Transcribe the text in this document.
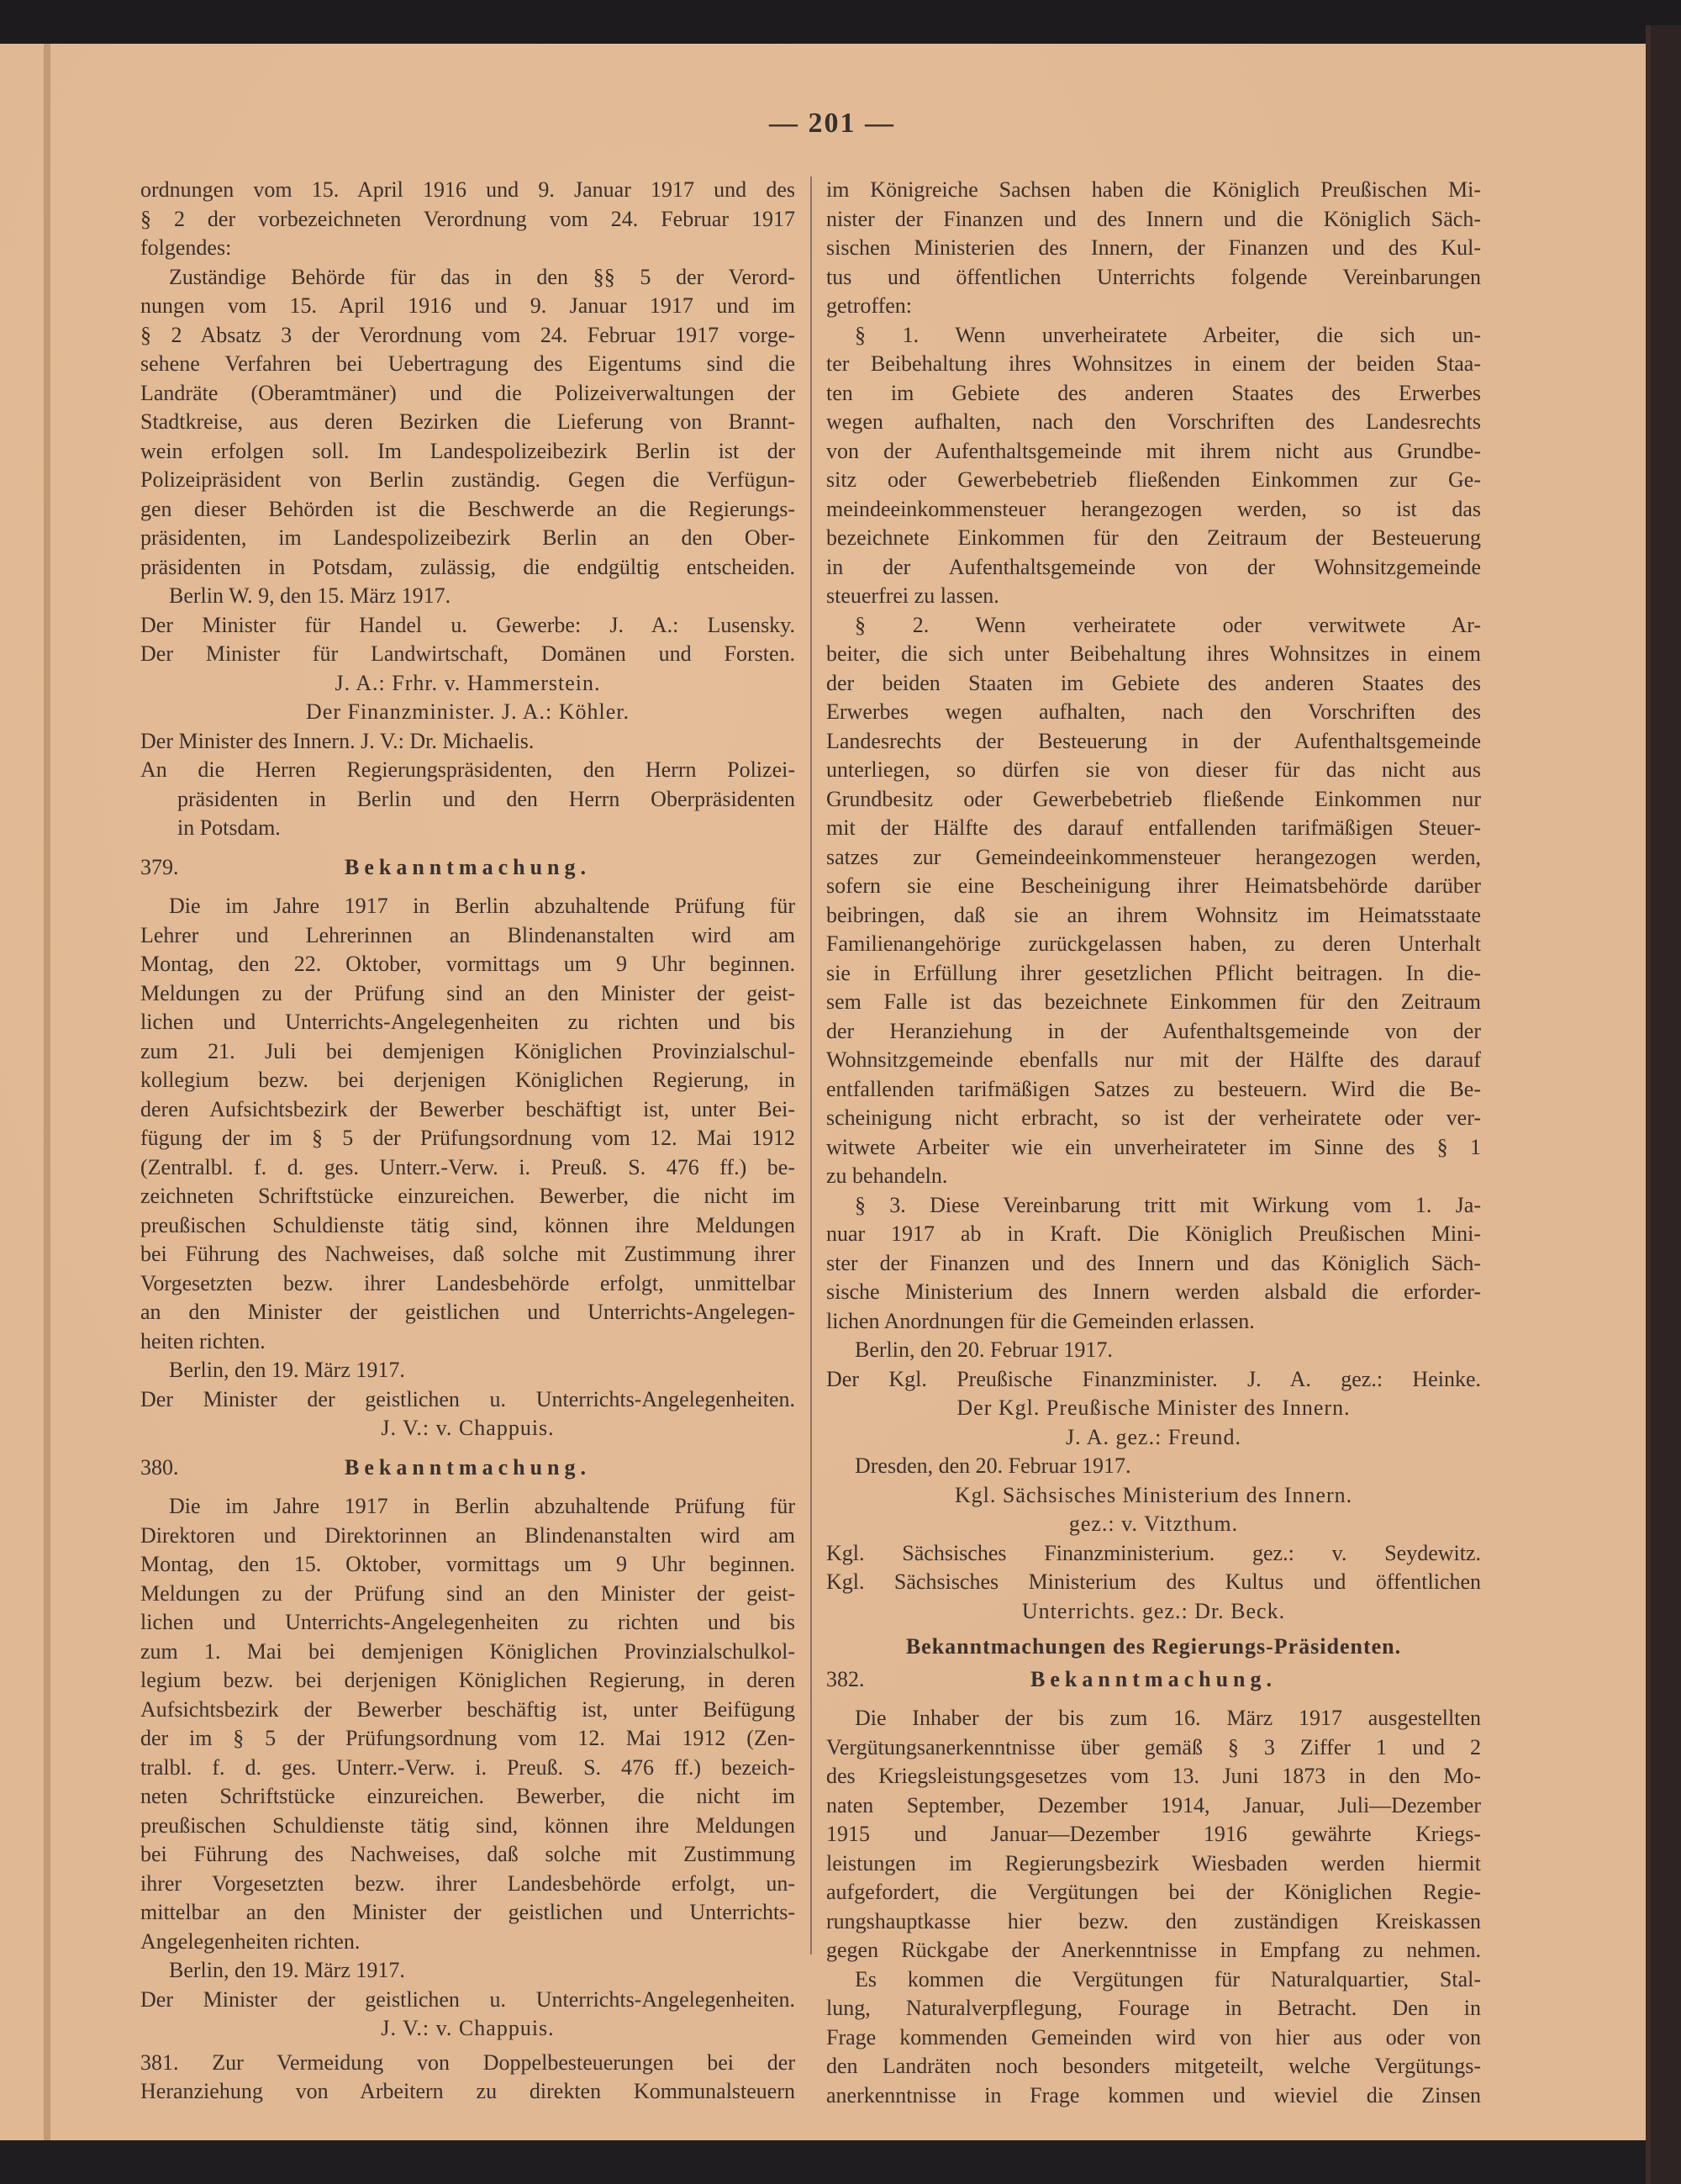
— 201 —
ordnungen vom 15. April 1916 und 9. Januar 1917 und des
§ 2 der vorbezeichneten Verordnung vom 24. Februar 1917
folgendes:
Zuständige Behörde für das in den §§ 5 der Verord-
nungen vom 15. April 1916 und 9. Januar 1917 und im
§ 2 Absatz 3 der Verordnung vom 24. Februar 1917 vorge-
sehene Verfahren bei Uebertragung des Eigentums sind die
Landräte (Oberamtmäner) und die Polizeiverwaltungen der
Stadtkreise, aus deren Bezirken die Lieferung von Brannt-
wein erfolgen soll. Im Landespolizeibezirk Berlin ist der
Polizeipräsident von Berlin zuständig. Gegen die Verfügun-
gen dieser Behörden ist die Beschwerde an die Regierungs-
präsidenten, im Landespolizeibezirk Berlin an den Ober-
präsidenten in Potsdam, zulässig, die endgültig entscheiden.
Berlin W. 9, den 15. März 1917.
Der Minister für Handel u. Gewerbe: J. A.: Lusensky.
Der Minister für Landwirtschaft, Domänen und Forsten.
J. A.: Frhr. v. Hammerstein.
Der Finanzminister. J. A.: Köhler.
Der Minister des Innern. J. V.: Dr. Michaelis.
An die Herren Regierungspräsidenten, den Herrn Polizei-
präsidenten in Berlin und den Herrn Oberpräsidenten
in Potsdam.
379.	Bekanntmachung.
Die im Jahre 1917 in Berlin abzuhaltende Prüfung für
Lehrer und Lehrerinnen an Blindenanstalten wird am
Montag, den 22. Oktober, vormittags um 9 Uhr beginnen.
Meldungen zu der Prüfung sind an den Minister der geist-
lichen und Unterrichts-Angelegenheiten zu richten und bis
zum 21. Juli bei demjenigen Königlichen Provinzialschul-
kollegium bezw. bei derjenigen Königlichen Regierung, in
deren Aufsichtsbezirk der Bewerber beschäftigt ist, unter Bei-
fügung der im § 5 der Prüfungsordnung vom 12. Mai 1912
(Zentralbl. f. d. ges. Unterr.-Verw. i. Preuß. S. 476 ff.) be-
zeichneten Schriftstücke einzureichen. Bewerber, die nicht im
preußischen Schuldienste tätig sind, können ihre Meldungen
bei Führung des Nachweises, daß solche mit Zustimmung ihrer
Vorgesetzten bezw. ihrer Landesbehörde erfolgt, unmittelbar
an den Minister der geistlichen und Unterrichts-Angelegen-
heiten richten.
Berlin, den 19. März 1917.
Der Minister der geistlichen u. Unterrichts-Angelegenheiten.
J. V.: v. Chappuis.
380.	Bekanntmachung.
Die im Jahre 1917 in Berlin abzuhaltende Prüfung für
Direktoren und Direktorinnen an Blindenanstalten wird am
Montag, den 15. Oktober, vormittags um 9 Uhr beginnen.
Meldungen zu der Prüfung sind an den Minister der geist-
lichen und Unterrichts-Angelegenheiten zu richten und bis
zum 1. Mai bei demjenigen Königlichen Provinzialschulkol-
legium bezw. bei derjenigen Königlichen Regierung, in deren
Aufsichtsbezirk der Bewerber beschäftig ist, unter Beifügung
der im § 5 der Prüfungsordnung vom 12. Mai 1912 (Zen-
tralbl. f. d. ges. Unterr.-Verw. i. Preuß. S. 476 ff.) bezeich-
neten Schriftstücke einzureichen. Bewerber, die nicht im
preußischen Schuldienste tätig sind, können ihre Meldungen
bei Führung des Nachweises, daß solche mit Zustimmung
ihrer Vorgesetzten bezw. ihrer Landesbehörde erfolgt, un-
mittelbar an den Minister der geistlichen und Unterrichts-
Angelegenheiten richten.
Berlin, den 19. März 1917.
Der Minister der geistlichen u. Unterrichts-Angelegenheiten.
J. V.: v. Chappuis.
381. Zur Vermeidung von Doppelbesteuerungen bei der
Heranziehung von Arbeitern zu direkten Kommunalsteuern
im Königreiche Sachsen haben die Königlich Preußischen Mi-
nister der Finanzen und des Innern und die Königlich Säch-
sischen Ministerien des Innern, der Finanzen und des Kul-
tus und öffentlichen Unterrichts folgende Vereinbarungen
getroffen:
§ 1. Wenn unverheiratete Arbeiter, die sich un-
ter Beibehaltung ihres Wohnsitzes in einem der beiden Staa-
ten im Gebiete des anderen Staates des Erwerbes
wegen aufhalten, nach den Vorschriften des Landesrechts
von der Aufenthaltsgemeinde mit ihrem nicht aus Grundbe-
sitz oder Gewerbebetrieb fließenden Einkommen zur Ge-
meindeeinkommensteuer herangezogen werden, so ist das
bezeichnete Einkommen für den Zeitraum der Besteuerung
in der Aufenthaltsgemeinde von der Wohnsitzgemeinde
steuerfrei zu lassen.
§ 2. Wenn verheiratete oder verwitwete Ar-
beiter, die sich unter Beibehaltung ihres Wohnsitzes in einem
der beiden Staaten im Gebiete des anderen Staates des
Erwerbes wegen aufhalten, nach den Vorschriften des
Landesrechts der Besteuerung in der Aufenthaltsgemeinde
unterliegen, so dürfen sie von dieser für das nicht aus
Grundbesitz oder Gewerbebetrieb fließende Einkommen nur
mit der Hälfte des darauf entfallenden tarifmäßigen Steuer-
satzes zur Gemeindeeinkommensteuer herangezogen werden,
sofern sie eine Bescheinigung ihrer Heimatsbehörde darüber
beibringen, daß sie an ihrem Wohnsitz im Heimatsstaate
Familienangehörige zurückgelassen haben, zu deren Unterhalt
sie in Erfüllung ihrer gesetzlichen Pflicht beitragen. In die-
sem Falle ist das bezeichnete Einkommen für den Zeitraum
der Heranziehung in der Aufenthaltsgemeinde von der
Wohnsitzgemeinde ebenfalls nur mit der Hälfte des darauf
entfallenden tarifmäßigen Satzes zu besteuern. Wird die Be-
scheinigung nicht erbracht, so ist der verheiratete oder ver-
witwete Arbeiter wie ein unverheirateter im Sinne des § 1
zu behandeln.
§ 3. Diese Vereinbarung tritt mit Wirkung vom 1. Ja-
nuar 1917 ab in Kraft. Die Königlich Preußischen Mini-
ster der Finanzen und des Innern und das Königlich Säch-
sische Ministerium des Innern werden alsbald die erforder-
lichen Anordnungen für die Gemeinden erlassen.
Berlin, den 20. Februar 1917.
Der Kgl. Preußische Finanzminister. J. A. gez.: Heinke.
Der Kgl. Preußische Minister des Innern.
J. A. gez.: Freund.
Dresden, den 20. Februar 1917.
Kgl. Sächsisches Ministerium des Innern.
gez.: v. Vitzthum.
Kgl. Sächsisches Finanzministerium. gez.: v. Seydewitz.
Kgl. Sächsisches Ministerium des Kultus und öffentlichen
Unterrichts. gez.: Dr. Beck.
Bekanntmachungen des Regierungs-Präsidenten.
382.	Bekanntmachung.
Die Inhaber der bis zum 16. März 1917 ausgestellten
Vergütungsanerkenntnisse über gemäß § 3 Ziffer 1 und 2
des Kriegsleistungsgesetzes vom 13. Juni 1873 in den Mo-
naten September, Dezember 1914, Januar, Juli—Dezember
1915 und Januar—Dezember 1916 gewährte Kriegs-
leistungen im Regierungsbezirk Wiesbaden werden hiermit
aufgefordert, die Vergütungen bei der Königlichen Regie-
rungshauptkasse hier bezw. den zuständigen Kreiskassen
gegen Rückgabe der Anerkenntnisse in Empfang zu nehmen.
Es kommen die Vergütungen für Naturalquartier, Stal-
lung, Naturalverpflegung, Fourage in Betracht. Den in
Frage kommenden Gemeinden wird von hier aus oder von
den Landräten noch besonders mitgeteilt, welche Vergütungs-
anerkenntnisse in Frage kommen und wieviel die Zinsen
